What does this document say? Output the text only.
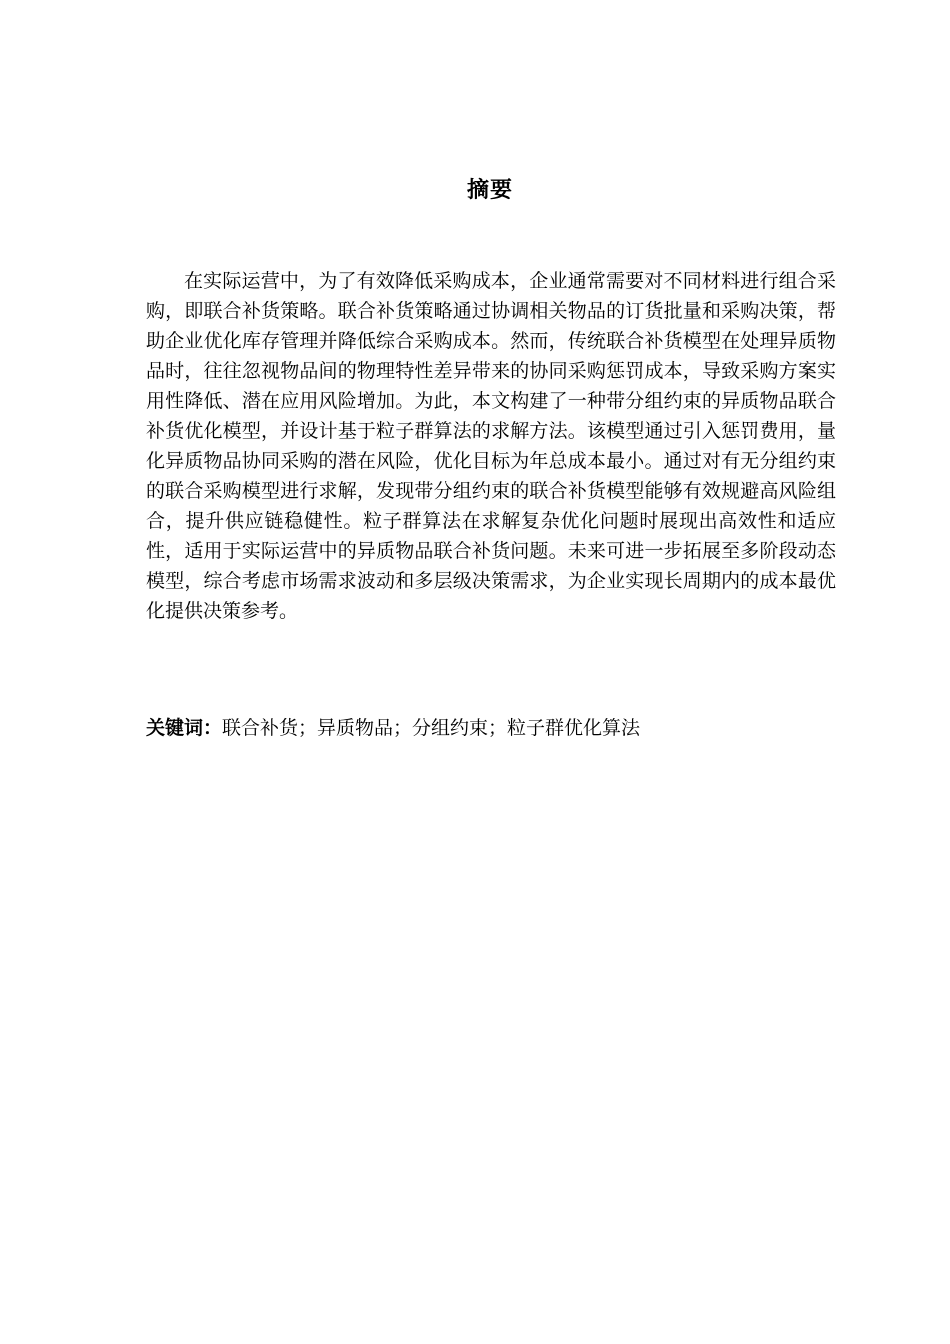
摘要

在实际运营中，为了有效降低采购成本，企业通常需要对不同材料进行组合采购，即联合补货策略。联合补货策略通过协调相关物品的订货批量和采购决策，帮助企业优化库存管理并降低综合采购成本。然而，传统联合补货模型在处理异质物品时，往往忽视物品间的物理特性差异带来的协同采购惩罚成本，导致采购方案实用性降低、潜在应用风险增加。为此，本文构建了一种带分组约束的异质物品联合补货优化模型，并设计基于粒子群算法的求解方法。该模型通过引入惩罚费用，量化异质物品协同采购的潜在风险，优化目标为年总成本最小。通过对有无分组约束的联合采购模型进行求解，发现带分组约束的联合补货模型能够有效规避高风险组合，提升供应链稳健性。粒子群算法在求解复杂优化问题时展现出高效性和适应性，适用于实际运营中的异质物品联合补货问题。未来可进一步拓展至多阶段动态模型，综合考虑市场需求波动和多层级决策需求，为企业实现长周期内的成本最优化提供决策参考。

关键词：联合补货；异质物品；分组约束；粒子群优化算法
